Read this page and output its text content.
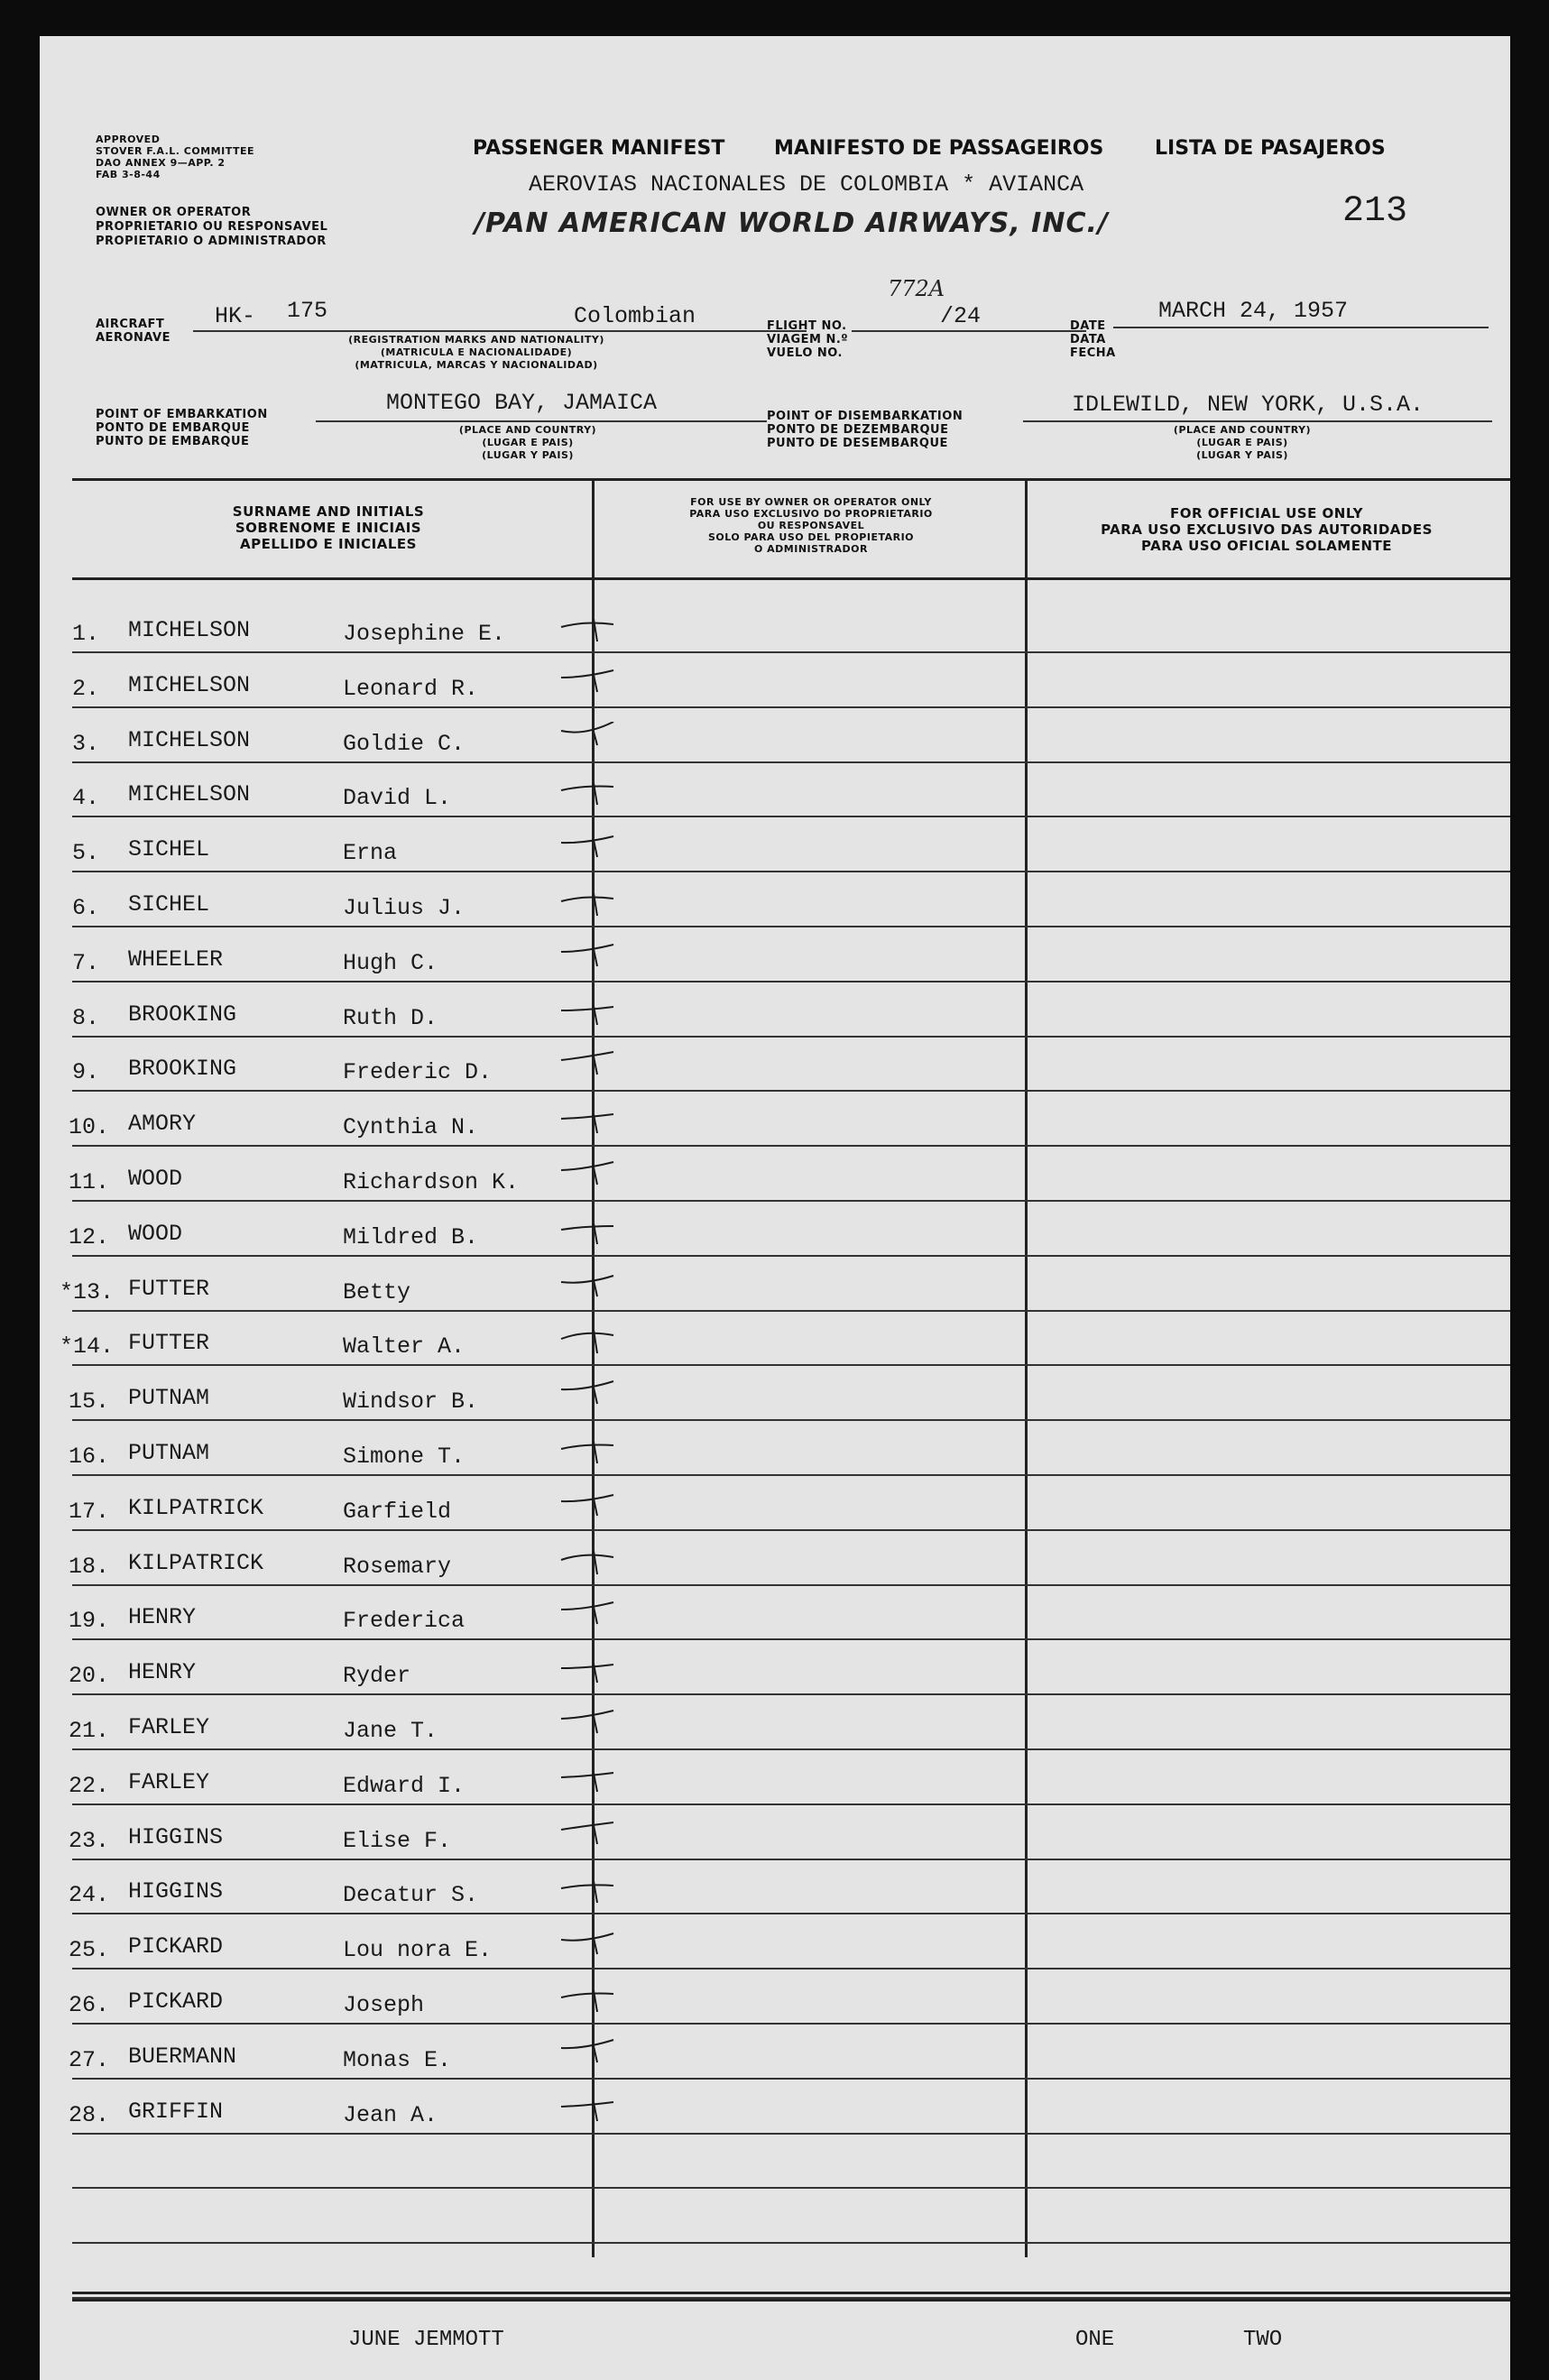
APPROVED
STOVER F.A.L. COMMITTEE
DAO ANNEX 9—APP. 2
FAB 3-8-44
OWNER OR OPERATOR
PROPRIETARIO OU RESPONSAVEL
PROPIETARIO O ADMINISTRADOR
PASSENGER MANIFEST MANIFESTO DE PASSAGEIROS	LISTA DE PASAJEROS
AEROVIAS NACIONALES DE COLOMBIA * AVIANCA
/PAN AMERICAN WORLD AIRWAYS, INC./	213
AIRCRAFT
AERONAVE
HK- 175	Colombian
(REGISTRATION MARKS AND NATIONALITY)
(MATRICULA E NACIONALIDADE)
(MATRICULA, MARCAS Y NACIONALIDAD)
FLIGHT NO.
VIAGEM N.º
VUELO NO.
772A
/24	DATE
DATA
FECHA
MARCH 24, 1957
POINT OF EMBARKATION
PONTO DE EMBARQUE
PUNTO DE EMBARQUE
MONTEGO BAY, JAMAICA
(PLACE AND COUNTRY)
(LUGAR E PAIS)
(LUGAR Y PAIS)
POINT OF DISEMBARKATION
PONTO DE DEZEMBARQUE
PUNTO DE DESEMBARQUE
IDLEWILD, NEW YORK, U.S.A.
(PLACE AND COUNTRY)
(LUGAR E PAIS)
(LUGAR Y PAIS)
SURNAME AND INITIALS
SOBRENOME E INICIAIS
APELLIDO E INICIALES
FOR USE BY OWNER OR OPERATOR ONLY
PARA USO EXCLUSIVO DO PROPRIETARIO
OU RESPONSAVEL
SOLO PARA USO DEL PROPIETARIO
O ADMINISTRADOR
FOR OFFICIAL USE ONLY
PARA USO EXCLUSIVO DAS AUTORIDADES
PARA USO OFICIAL SOLAMENTE
1. MICHELSON	Josephine E.
2. MICHELSON	Leonard R.
3. MICHELSON	Goldie C.
4. MICHELSON	David L.
5. SICHEL	Erna
6. SICHEL	Julius J.
7. WHEELER	Hugh C.
8. BROOKING	Ruth D.
9. BROOKING	Frederic D.
10. AMORY	Cynthia N.
11. WOOD	Richardson K.
12. WOOD	Mildred B.
*13. FUTTER	Betty
*14. FUTTER	Walter A.
15. PUTNAM	Windsor B.
16. PUTNAM	Simone T.
17. KILPATRICK	Garfield
18. KILPATRICK	Rosemary
19. HENRY	Frederica
20. HENRY	Ryder
21. FARLEY	Jane T.
22. FARLEY	Edward I.
23. HIGGINS	Elise F.
24. HIGGINS	Decatur S.
25. PICKARD	Lou nora E.
26. PICKARD	Joseph
27. BUERMANN	Monas E.
28. GRIFFIN	Jean A.
JUNE JEMMOTT	ONE	TWO
